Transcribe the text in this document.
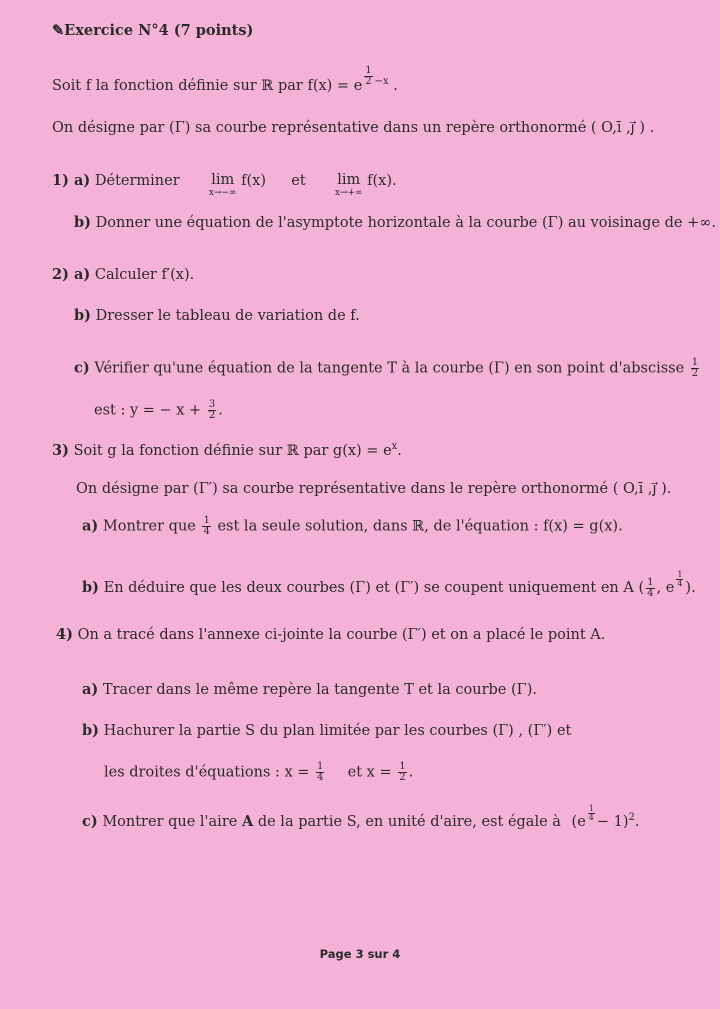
✎Exercice N°4 (7 points)
Soit f la fonction définie sur ℝ par f(x) = e $\frac{1}{2} ^{-x}$ .
On désigne par (Γ) sa courbe représentative dans un repère orthonormé ( O,ī ,j⃗ ) .
1) a) Déterminer lim
x→−∞
f(x) et lim
x→+∞
f(x).
b) Donner une équation de l'asymptote horizontale à la courbe (Γ) au voisinage de +∞.
2) a) Calculer f′(x).
b) Dresser le tableau de variation de f.
c) Vérifier qu'une équation de la tangente T à la courbe (Γ) en son point d'abscisse $\frac{1}{2}$
est : y = − $x + \frac{3}{2}$ .
3) Soit g la fonction définie sur ℝ par $g(x) = e^x$.
On désigne par (Γ′) sa courbe représentative dans le repère orthonormé ( O,ī ,j⃗ ).
a) Montrer que $\frac{1}{4}$ est la seule solution, dans ℝ, de l'équation : f(x) = g(x).
b) En déduire que les deux courbes (Γ) et (Γ′) se coupent uniquement en A ( $\frac{1}{4}$ , e $\frac{1}{4}$ ).
4) On a tracé dans l'annexe ci-jointe la courbe (Γ′) et on a placé le point A.
a) Tracer dans le même repère la tangente T et la courbe (Γ).
b) Hachurer la partie S du plan limitée par les courbes (Γ) , (Γ′) et
les droites d'équations : $x = \frac{1}{4}$ et $x = \frac{1}{2}$ .
c) Montrer que l'aire A de la partie S, en unité d'aire, est égale à $(e \frac{1}{4} - 1)^2$.
Page 3 sur 4
